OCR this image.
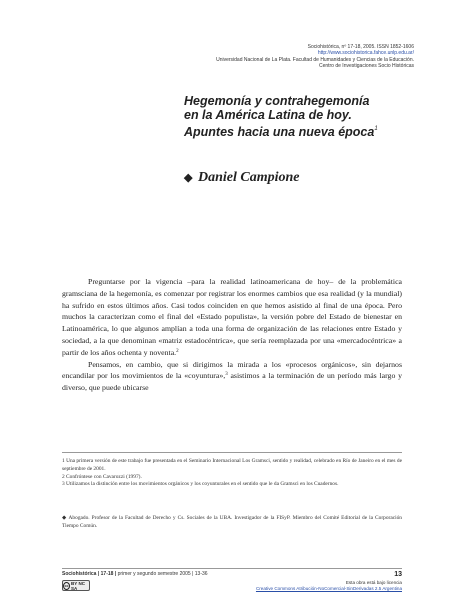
Sociohistórica, nº 17-18, 2005. ISSN 1852-1606
http://www.sociohistorica.fahce.unlp.edu.ar/
Universidad Nacional de La Plata. Facultad de Humanidades y Ciencias de la Educación.
Centro de Investigaciones Socio Históricas
Hegemonía y contrahegemonía
en la América Latina de hoy.
Apuntes hacia una nueva época$^1$
◆ Daniel Campione

Preguntarse por la vigencia –para la realidad latinoamericana de hoy– de la problemática gramsciana de la hegemonía, es comenzar por registrar los enormes cambios que esa realidad (y la mundial) ha sufrido en estos últimos años. Casi todos coinciden en que hemos asistido al final de una época. Pero muchos la caracterizan como el final del «Estado populista», la versión pobre del Estado de bienestar en Latinoamérica, lo que algunos amplían a toda una forma de organización de las relaciones entre Estado y sociedad, a la que denominan «matriz estadocéntrica», que sería reemplazada por una «mercadocéntrica» a partir de los años ochenta y noventa.$^2$

Pensamos, en cambio, que si dirigimos la mirada a los «procesos orgánicos», sin dejarnos encandilar por los movimientos de la «coyuntura»,$^3$ asistimos a la terminación de un período más largo y diverso, que puede ubicarse

1 Una primera versión de este trabajo fue presentada en el Seminario Internacional Los Gramsci, sentido y realidad, celebrado en Río de Janeiro en el mes de septiembre de 2001.

2 Confróntese con Cavarozzi (1997).

3 Utilizamos la distinción entre los movimientos orgánicos y los coyunturales en el sentido que le da Gramsci en los Cuadernos.

◆ Abogado. Profesor de la Facultad de Derecho y Cs. Sociales de la UBA. Investigador de la FISyP. Miembro del Comité Editorial de la Corporación Tiempo Común.

Sociohistórica | 17-18 | primer y segundo semestre 2005 | 13-36	13
cc BY NC SA
Esta obra está bajo licencia
Creative Commons Atribución-NoComercial-SinDerivadas 2.5 Argentina
